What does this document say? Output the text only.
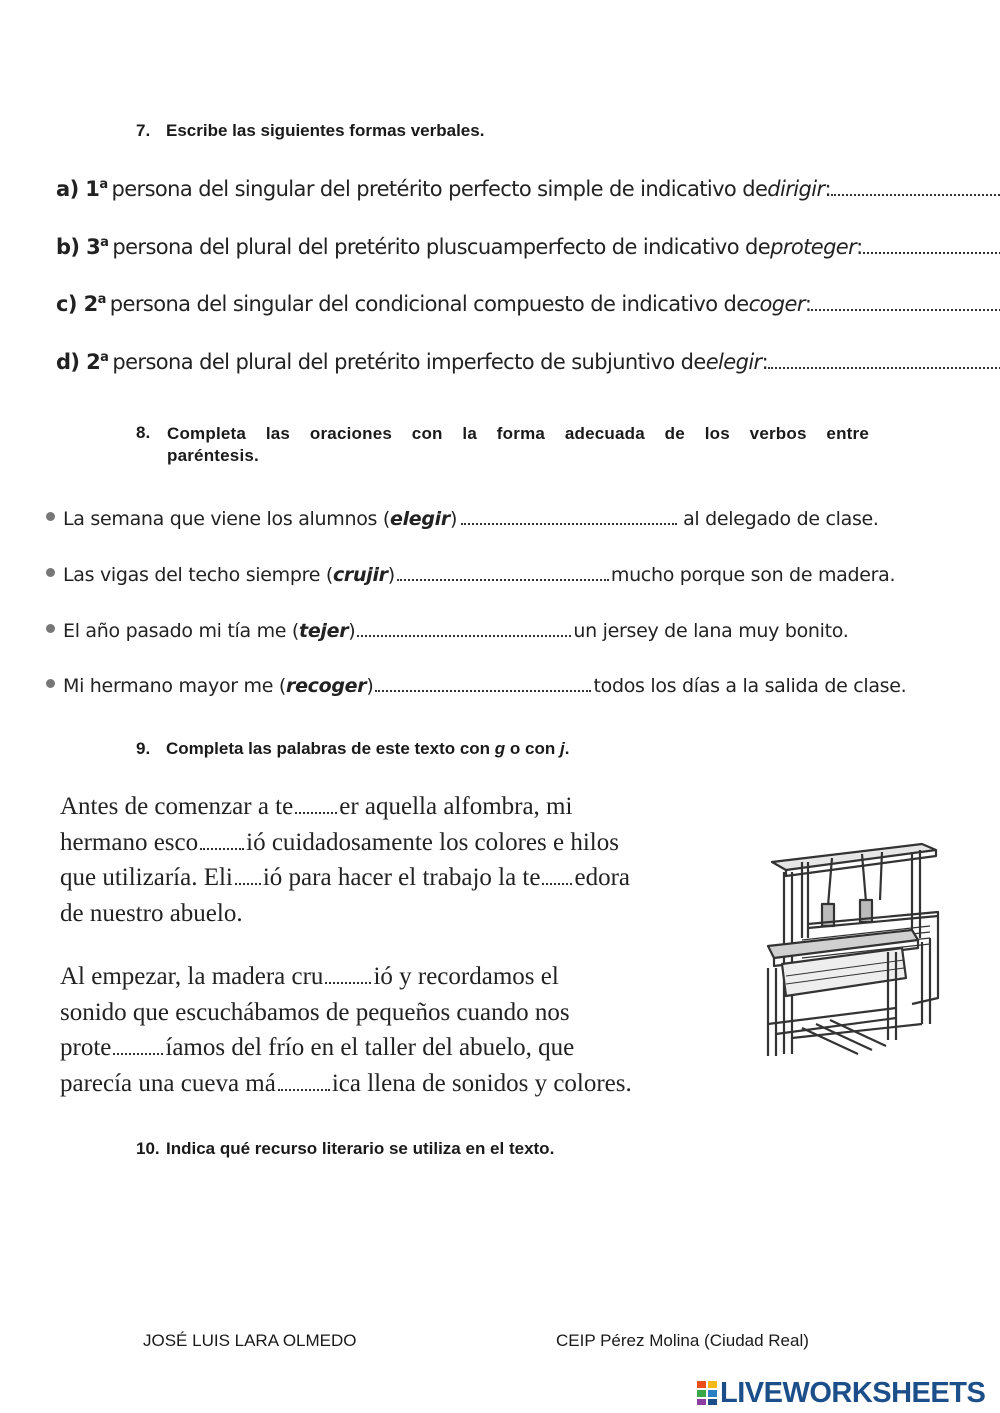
7. Escribe las siguientes formas verbales.
a) 1$^a$ persona del singular del pretérito perfecto simple de indicativo de dirigir :
b) 3$^a$ persona del plural del pretérito pluscuamperfecto de indicativo de proteger :
c) 2$^a$ persona del singular del condicional compuesto de indicativo de coger :
d) 2$^a$ persona del plural del pretérito imperfecto de subjuntivo de elegir :
8. Completa las oraciones con la forma adecuada de los verbos entre paréntesis.
La semana que viene los alumnos ( elegir )	al delegado de clase.
Las vigas del techo siempre ( crujir )	mucho porque son de madera.
El año pasado mi tía me ( tejer )	un jersey de lana muy bonito.
Mi hermano mayor me ( recoger )	todos los días a la salida de clase.
9. Completa las palabras de este texto con g o con j.
Antes de comenzar a te er aquella alfombra, mi
hermano esco ió cuidadosamente los colores e hilos
que utilizaría. Eli ió para hacer el trabajo la te edora
de nuestro abuelo.
Al empezar, la madera cru ió y recordamos el
sonido que escuchábamos de pequeños cuando nos
prote íamos del frío en el taller del abuelo, que
parecía una cueva má ica llena de sonidos y colores.
10. Indica qué recurso literario se utiliza en el texto.
JOSÉ LUIS LARA OLMEDO	CEIP Pérez Molina (Ciudad Real)
LIVEWORKSHEETS
